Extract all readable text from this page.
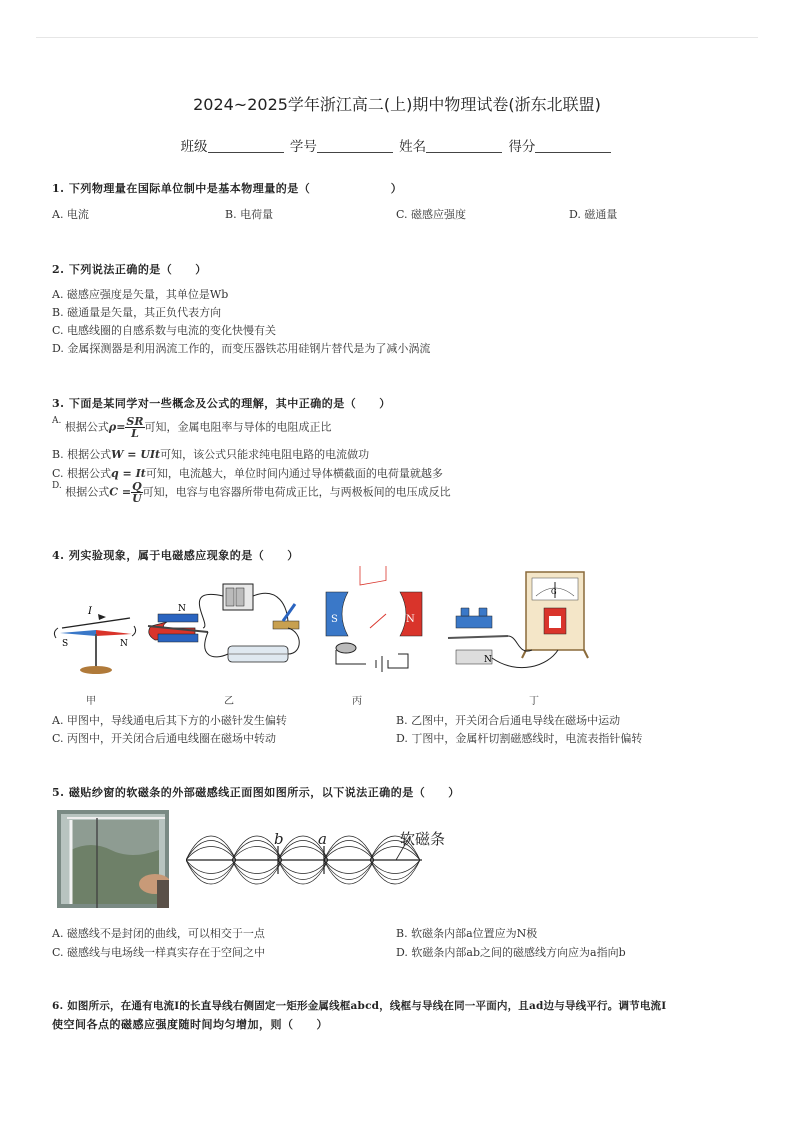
2024~2025学年浙江高二(上)期中物理试卷(浙东北联盟)
班级	学号	姓名	得分
1. 下列物理量在国际单位制中是基本物理量的是（　　　　　　　）
A. 电流	B. 电荷量	C. 磁感应强度	D. 磁通量
2. 下列说法正确的是（　　）
A. 磁感应强度是矢量，其单位是Wb
B. 磁通量是矢量，其正负代表方向
C. 电感线圈的自感系数与电流的变化快慢有关
D. 金属探测器是利用涡流工作的，而变压器铁芯用硅钢片替代是为了减小涡流
3. 下面是某同学对一些概念及公式的理解，其中正确的是（　　）
$^{A.}$ 根据公式$\rho= \frac{SR}{L}$ 可知，金属电阻率与导体的电阻成正比
B. 根据公式W = UIt可知，该公式只能求纯电阻电路的电流做功
C. 根据公式q = It可知，电流越大，单位时间内通过导体横截面的电荷量就越多
$^{D.}$ 根据公式$C = \frac{Q}{U}$ 可知，电容与电容器所带电荷成正比，与两极板间的电压成反比
4. 列实验现象，属于电磁感应现象的是（　　）
I
S	N
N
S	N
N
G
甲	乙	丙	丁
A. 甲图中，导线通电后其下方的小磁针发生偏转	B. 乙图中，开关闭合后通电导线在磁场中运动
C. 丙图中，开关闭合后通电线圈在磁场中转动	D. 丁图中，金属杆切割磁感线时，电流表指针偏转
5. 磁贴纱窗的软磁条的外部磁感线正面图如图所示，以下说法正确的是（　　）
b a	软磁条
A. 磁感线不是封闭的曲线，可以相交于一点	B. 软磁条内部a位置应为N极
C. 磁感线与电场线一样真实存在于空间之中	D. 软磁条内部ab之间的磁感线方向应为a指向b
6. 如图所示，在通有电流I的长直导线右侧固定一矩形金属线框abcd，线框与导线在同一平面内，且ad边与导线平行。调节电流I
使空间各点的磁感应强度随时间均匀增加，则（　　）
